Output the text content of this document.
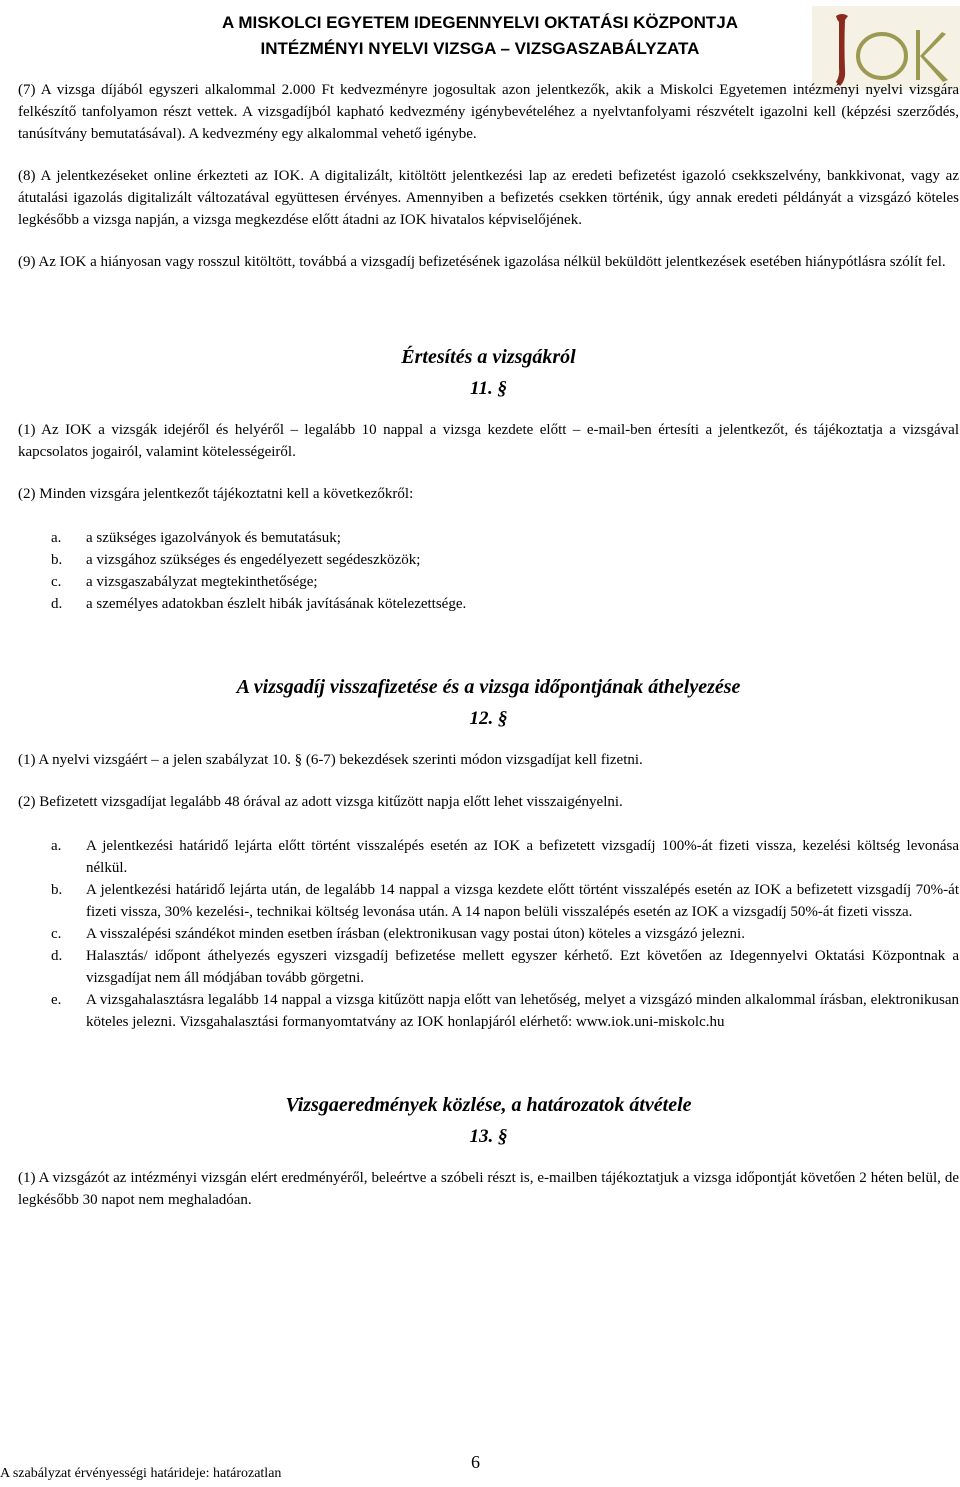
A MISKOLCI EGYETEM IDEGENNYELVI OKTATÁSI KÖZPONTJA
INTÉZMÉNYI NYELVI VIZSGA – VIZSGASZABÁLYZATA

(7) A vizsga díjából egyszeri alkalommal 2.000 Ft kedvezményre jogosultak azon jelentkezők, akik a Miskolci Egyetemen intézményi nyelvi vizsgára felkészítő tanfolyamon részt vettek. A vizsgadíjból kapható kedvezmény igénybevételéhez a nyelvtanfolyami részvételt igazolni kell (képzési szerződés, tanúsítvány bemutatásával). A kedvezmény egy alkalommal vehető igénybe.

(8) A jelentkezéseket online érkezteti az IOK. A digitalizált, kitöltött jelentkezési lap az eredeti befizetést igazoló csekkszelvény, bankkivonat, vagy az átutalási igazolás digitalizált változatával együttesen érvényes. Amennyiben a befizetés csekken történik, úgy annak eredeti példányát a vizsgázó köteles legkésőbb a vizsga napján, a vizsga megkezdése előtt átadni az IOK hivatalos képviselőjének.

(9) Az IOK a hiányosan vagy rosszul kitöltött, továbbá a vizsgadíj befizetésének igazolása nélkül beküldött jelentkezések esetében hiánypótlásra szólít fel.

Értesítés a vizsgákról
11. §

(1) Az IOK a vizsgák idejéről és helyéről – legalább 10 nappal a vizsga kezdete előtt – e-mail-ben értesíti a jelentkezőt, és tájékoztatja a vizsgával kapcsolatos jogairól, valamint kötelességeiről.

(2) Minden vizsgára jelentkezőt tájékoztatni kell a következőkről:

a.	a szükséges igazolványok és bemutatásuk;
b.	a vizsgához szükséges és engedélyezett segédeszközök;
c.	a vizsgaszabályzat megtekinthetősége;
d.	a személyes adatokban észlelt hibák javításának kötelezettsége.
A vizsgadíj visszafizetése és a vizsga időpontjának áthelyezése
12. §

(1) A nyelvi vizsgáért – a jelen szabályzat 10. § (6-7) bekezdések szerinti módon vizsgadíjat kell fizetni.

(2) Befizetett vizsgadíjat legalább 48 órával az adott vizsga kitűzött napja előtt lehet visszaigényelni.

a.	A jelentkezési határidő lejárta előtt történt visszalépés esetén az IOK a befizetett vizsgadíj 100%-át fizeti vissza, kezelési költség levonása nélkül.
b.	A jelentkezési határidő lejárta után, de legalább 14 nappal a vizsga kezdete előtt történt visszalépés esetén az IOK a befizetett vizsgadíj 70%-át fizeti vissza, 30% kezelési-, technikai költség levonása után. A 14 napon belüli visszalépés esetén az IOK a vizsgadíj 50%-át fizeti vissza.
c.	A visszalépési szándékot minden esetben írásban (elektronikusan vagy postai úton) köteles a vizsgázó jelezni.
d.	Halasztás/ időpont áthelyezés egyszeri vizsgadíj befizetése mellett egyszer kérhető. Ezt követően az Idegennyelvi Oktatási Központnak a vizsgadíjat nem áll módjában tovább görgetni.
e.	A vizsgahalasztásra legalább 14 nappal a vizsga kitűzött napja előtt van lehetőség, melyet a vizsgázó minden alkalommal írásban, elektronikusan köteles jelezni. Vizsgahalasztási formanyomtatvány az IOK honlapjáról elérhető: www.iok.uni-miskolc.hu
Vizsgaeredmények közlése, a határozatok átvétele
13. §

(1) A vizsgázót az intézményi vizsgán elért eredményéről, beleértve a szóbeli részt is, e-mailben tájékoztatjuk a vizsga időpontját követően 2 héten belül, de legkésőbb 30 napot nem meghaladóan.

A szabályzat érvényességi határideje: határozatlan
6
